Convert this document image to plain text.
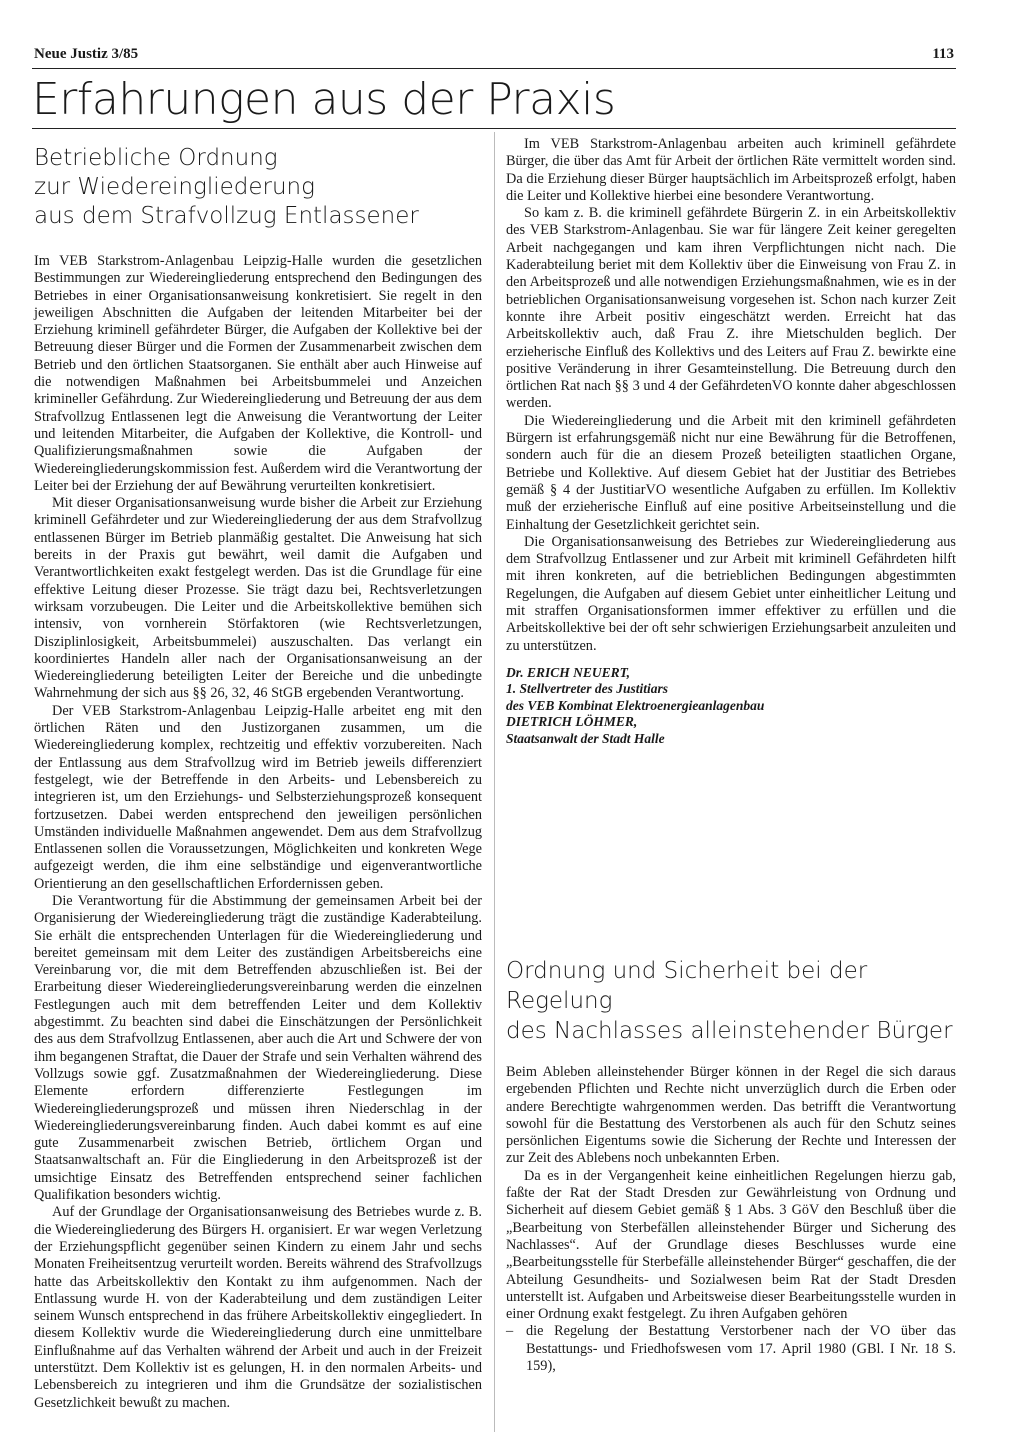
Neue Justiz 3/85	113
Erfahrungen aus der Praxis
Betriebliche Ordnung
zur Wiedereingliederung
aus dem Strafvollzug Entlassener

Im VEB Starkstrom-Anlagenbau Leipzig-Halle wurden die gesetzlichen Bestimmungen zur Wiedereingliederung entsprechend den Bedingungen des Betriebes in einer Organisationsanweisung konkretisiert. Sie regelt in den jeweiligen Abschnitten die Aufgaben der leitenden Mitarbeiter bei der Erziehung kriminell gefährdeter Bürger, die Aufgaben der Kollektive bei der Betreuung dieser Bürger und die Formen der Zusammenarbeit zwischen dem Betrieb und den örtlichen Staatsorganen. Sie enthält aber auch Hinweise auf die notwendigen Maßnahmen bei Arbeitsbummelei und Anzeichen krimineller Gefährdung. Zur Wiedereingliederung und Betreuung der aus dem Strafvollzug Entlassenen legt die Anweisung die Verantwortung der Leiter und leitenden Mitarbeiter, die Aufgaben der Kollektive, die Kontroll- und Qualifizierungsmaßnahmen sowie die Aufgaben der Wiedereingliederungskommission fest. Außerdem wird die Verantwortung der Leiter bei der Erziehung der auf Bewährung verurteilten konkretisiert.

Mit dieser Organisationsanweisung wurde bisher die Arbeit zur Erziehung kriminell Gefährdeter und zur Wiedereingliederung der aus dem Strafvollzug entlassenen Bürger im Betrieb planmäßig gestaltet. Die Anweisung hat sich bereits in der Praxis gut bewährt, weil damit die Aufgaben und Verantwortlichkeiten exakt festgelegt werden. Das ist die Grundlage für eine effektive Leitung dieser Prozesse. Sie trägt dazu bei, Rechtsverletzungen wirksam vorzubeugen. Die Leiter und die Arbeitskollektive bemühen sich intensiv, von vornherein Störfaktoren (wie Rechtsverletzungen, Disziplinlosigkeit, Arbeitsbummelei) auszuschalten. Das verlangt ein koordiniertes Handeln aller nach der Organisationsanweisung an der Wiedereingliederung beteiligten Leiter der Bereiche und die unbedingte Wahrnehmung der sich aus §§ 26, 32, 46 StGB ergebenden Verantwortung.

Der VEB Starkstrom-Anlagenbau Leipzig-Halle arbeitet eng mit den örtlichen Räten und den Justizorganen zusammen, um die Wiedereingliederung komplex, rechtzeitig und effektiv vorzubereiten. Nach der Entlassung aus dem Strafvollzug wird im Betrieb jeweils differenziert festgelegt, wie der Betreffende in den Arbeits- und Lebensbereich zu integrieren ist, um den Erziehungs- und Selbsterziehungsprozeß konsequent fortzusetzen. Dabei werden entsprechend den jeweiligen persönlichen Umständen individuelle Maßnahmen angewendet. Dem aus dem Strafvollzug Entlassenen sollen die Voraussetzungen, Möglichkeiten und konkreten Wege aufgezeigt werden, die ihm eine selbständige und eigenverantwortliche Orientierung an den gesellschaftlichen Erfordernissen geben.

Die Verantwortung für die Abstimmung der gemeinsamen Arbeit bei der Organisierung der Wiedereingliederung trägt die zuständige Kaderabteilung. Sie erhält die entsprechenden Unterlagen für die Wiedereingliederung und bereitet gemeinsam mit dem Leiter des zuständigen Arbeitsbereichs eine Vereinbarung vor, die mit dem Betreffenden abzuschließen ist. Bei der Erarbeitung dieser Wiedereingliederungsvereinbarung werden die einzelnen Festlegungen auch mit dem betreffenden Leiter und dem Kollektiv abgestimmt. Zu beachten sind dabei die Einschätzungen der Persönlichkeit des aus dem Strafvollzug Entlassenen, aber auch die Art und Schwere der von ihm begangenen Straftat, die Dauer der Strafe und sein Verhalten während des Vollzugs sowie ggf. Zusatzmaßnahmen der Wiedereingliederung. Diese Elemente erfordern differenzierte Festlegungen im Wiedereingliederungsprozeß und müssen ihren Niederschlag in der Wiedereingliederungsvereinbarung finden. Auch dabei kommt es auf eine gute Zusammenarbeit zwischen Betrieb, örtlichem Organ und Staatsanwaltschaft an. Für die Eingliederung in den Arbeitsprozeß ist der umsichtige Einsatz des Betreffenden entsprechend seiner fachlichen Qualifikation besonders wichtig.

Auf der Grundlage der Organisationsanweisung des Betriebes wurde z. B. die Wiedereingliederung des Bürgers H. organisiert. Er war wegen Verletzung der Erziehungspflicht gegenüber seinen Kindern zu einem Jahr und sechs Monaten Freiheitsentzug verurteilt worden. Bereits während des Strafvollzugs hatte das Arbeitskollektiv den Kontakt zu ihm aufgenommen. Nach der Entlassung wurde H. von der Kaderabteilung und dem zuständigen Leiter seinem Wunsch entsprechend in das frühere Arbeitskollektiv eingegliedert. In diesem Kollektiv wurde die Wiedereingliederung durch eine unmittelbare Einflußnahme auf das Verhalten während der Arbeit und auch in der Freizeit unterstützt. Dem Kollektiv ist es gelungen, H. in den normalen Arbeits- und Lebensbereich zu integrieren und ihm die Grundsätze der sozialistischen Gesetzlichkeit bewußt zu machen.

Im VEB Starkstrom-Anlagenbau arbeiten auch kriminell gefährdete Bürger, die über das Amt für Arbeit der örtlichen Räte vermittelt worden sind. Da die Erziehung dieser Bürger hauptsächlich im Arbeitsprozeß erfolgt, haben die Leiter und Kollektive hierbei eine besondere Verantwortung.

So kam z. B. die kriminell gefährdete Bürgerin Z. in ein Arbeitskollektiv des VEB Starkstrom-Anlagenbau. Sie war für längere Zeit keiner geregelten Arbeit nachgegangen und kam ihren Verpflichtungen nicht nach. Die Kaderabteilung beriet mit dem Kollektiv über die Einweisung von Frau Z. in den Arbeitsprozeß und alle notwendigen Erziehungsmaßnahmen, wie es in der betrieblichen Organisationsanweisung vorgesehen ist. Schon nach kurzer Zeit konnte ihre Arbeit positiv eingeschätzt werden. Erreicht hat das Arbeitskollektiv auch, daß Frau Z. ihre Mietschulden beglich. Der erzieherische Einfluß des Kollektivs und des Leiters auf Frau Z. bewirkte eine positive Veränderung in ihrer Gesamteinstellung. Die Betreuung durch den örtlichen Rat nach §§ 3 und 4 der GefährdetenVO konnte daher abgeschlossen werden.

Die Wiedereingliederung und die Arbeit mit den kriminell gefährdeten Bürgern ist erfahrungsgemäß nicht nur eine Bewährung für die Betroffenen, sondern auch für die an diesem Prozeß beteiligten staatlichen Organe, Betriebe und Kollektive. Auf diesem Gebiet hat der Justitiar des Betriebes gemäß § 4 der JustitiarVO wesentliche Aufgaben zu erfüllen. Im Kollektiv muß der erzieherische Einfluß auf eine positive Arbeitseinstellung und die Einhaltung der Gesetzlichkeit gerichtet sein.

Die Organisationsanweisung des Betriebes zur Wiedereingliederung aus dem Strafvollzug Entlassener und zur Arbeit mit kriminell Gefährdeten hilft mit ihren konkreten, auf die betrieblichen Bedingungen abgestimmten Regelungen, die Aufgaben auf diesem Gebiet unter einheitlicher Leitung und mit straffen Organisationsformen immer effektiver zu erfüllen und die Arbeitskollektive bei der oft sehr schwierigen Erziehungsarbeit anzuleiten und zu unterstützen.

Dr. ERICH NEUERT,
1. Stellvertreter des Justitiars
des VEB Kombinat Elektroenergieanlagenbau
DIETRICH LÖHMER,
Staatsanwalt der Stadt Halle
Ordnung und Sicherheit bei der Regelung
des Nachlasses alleinstehender Bürger

Beim Ableben alleinstehender Bürger können in der Regel die sich daraus ergebenden Pflichten und Rechte nicht unverzüglich durch die Erben oder andere Berechtigte wahrgenommen werden. Das betrifft die Verantwortung sowohl für die Bestattung des Verstorbenen als auch für den Schutz seines persönlichen Eigentums sowie die Sicherung der Rechte und Interessen der zur Zeit des Ablebens noch unbekannten Erben.

Da es in der Vergangenheit keine einheitlichen Regelungen hierzu gab, faßte der Rat der Stadt Dresden zur Gewährleistung von Ordnung und Sicherheit auf diesem Gebiet gemäß § 1 Abs. 3 GöV den Beschluß über die „Bearbeitung von Sterbefällen alleinstehender Bürger und Sicherung des Nachlasses“. Auf der Grundlage dieses Beschlusses wurde eine „Bearbeitungsstelle für Sterbefälle alleinstehender Bürger“ geschaffen, die der Abteilung Gesundheits- und Sozialwesen beim Rat der Stadt Dresden unterstellt ist. Aufgaben und Arbeitsweise dieser Bearbeitungsstelle wurden in einer Ordnung exakt festgelegt. Zu ihren Aufgaben gehören

– die Regelung der Bestattung Verstorbener nach der VO über das Bestattungs- und Friedhofswesen vom 17. April 1980 (GBl. I Nr. 18 S. 159),
